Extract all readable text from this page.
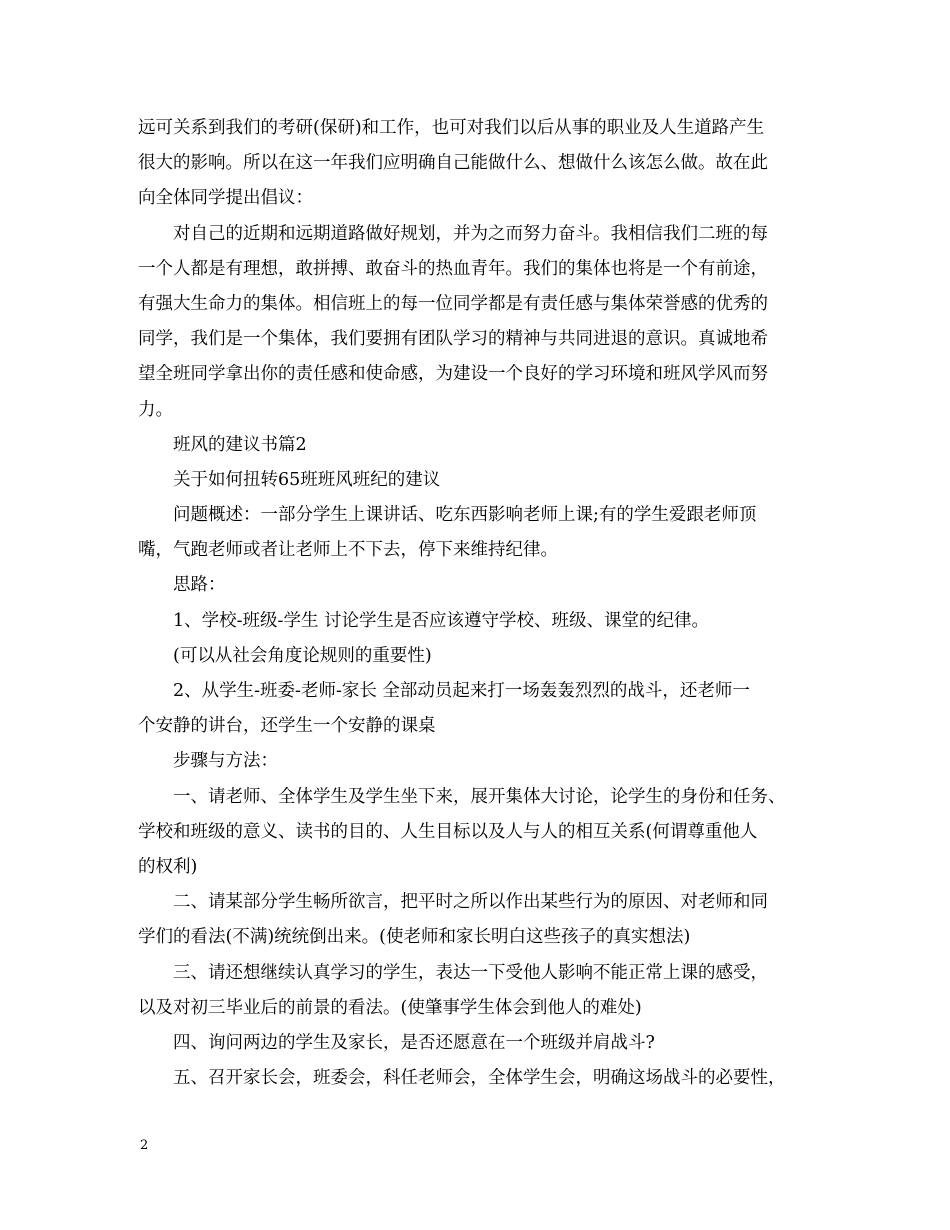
远可关系到我们的考研(保研)和工作，也可对我们以后从事的职业及人生道路产生
很大的影响。所以在这一年我们应明确自己能做什么、想做什么该怎么做。故在此
向全体同学提出倡议：
对自己的近期和远期道路做好规划，并为之而努力奋斗。我相信我们二班的每
一个人都是有理想，敢拼搏、敢奋斗的热血青年。我们的集体也将是一个有前途，
有强大生命力的集体。相信班上的每一位同学都是有责任感与集体荣誉感的优秀的
同学，我们是一个集体，我们要拥有团队学习的精神与共同进退的意识。真诚地希
望全班同学拿出你的责任感和使命感，为建设一个良好的学习环境和班风学风而努
力。
班风的建议书篇2
关于如何扭转65班班风班纪的建议
问题概述：一部分学生上课讲话、吃东西影响老师上课;有的学生爱跟老师顶
嘴，气跑老师或者让老师上不下去，停下来维持纪律。
思路：
1、学校-班级-学生 讨论学生是否应该遵守学校、班级、课堂的纪律。
(可以从社会角度论规则的重要性)
2、从学生-班委-老师-家长 全部动员起来打一场轰轰烈烈的战斗，还老师一
个安静的讲台，还学生一个安静的课桌
步骤与方法：
一、请老师、全体学生及学生坐下来，展开集体大讨论，论学生的身份和任务、
学校和班级的意义、读书的目的、人生目标以及人与人的相互关系(何谓尊重他人
的权利)
二、请某部分学生畅所欲言，把平时之所以作出某些行为的原因、对老师和同
学们的看法(不满)统统倒出来。(使老师和家长明白这些孩子的真实想法)
三、请还想继续认真学习的学生，表达一下受他人影响不能正常上课的感受，
以及对初三毕业后的前景的看法。(使肇事学生体会到他人的难处)
四、询问两边的学生及家长，是否还愿意在一个班级并肩战斗?
五、召开家长会，班委会，科任老师会，全体学生会，明确这场战斗的必要性，
2
